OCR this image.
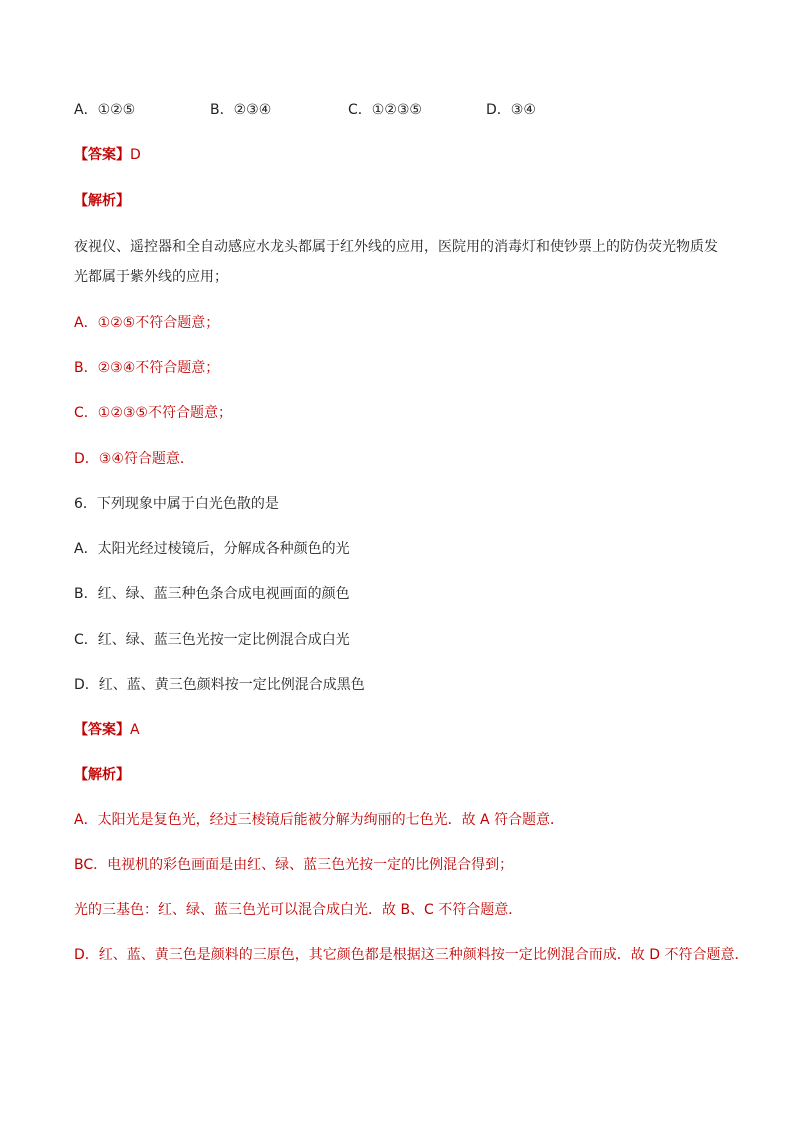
A．①②⑤	B．②③④	C．①②③⑤	D．③④
【答案】D
【解析】
夜视仪、遥控器和全自动感应水龙头都属于红外线的应用，医院用的消毒灯和使钞票上的防伪荧光物质发
光都属于紫外线的应用；
A．①②⑤不符合题意；
B．②③④不符合题意；
C．①②③⑤不符合题意；
D．③④符合题意．
6．下列现象中属于白光色散的是
A．太阳光经过棱镜后，分解成各种颜色的光
B．红、绿、蓝三种色条合成电视画面的颜色
C．红、绿、蓝三色光按一定比例混合成白光
D．红、蓝、黄三色颜料按一定比例混合成黑色
【答案】A
【解析】
A．太阳光是复色光，经过三棱镜后能被分解为绚丽的七色光．故 A 符合题意．
BC．电视机的彩色画面是由红、绿、蓝三色光按一定的比例混合得到；
光的三基色：红、绿、蓝三色光可以混合成白光．故 B、C 不符合题意．
D．红、蓝、黄三色是颜料的三原色，其它颜色都是根据这三种颜料按一定比例混合而成．故 D 不符合题意．
